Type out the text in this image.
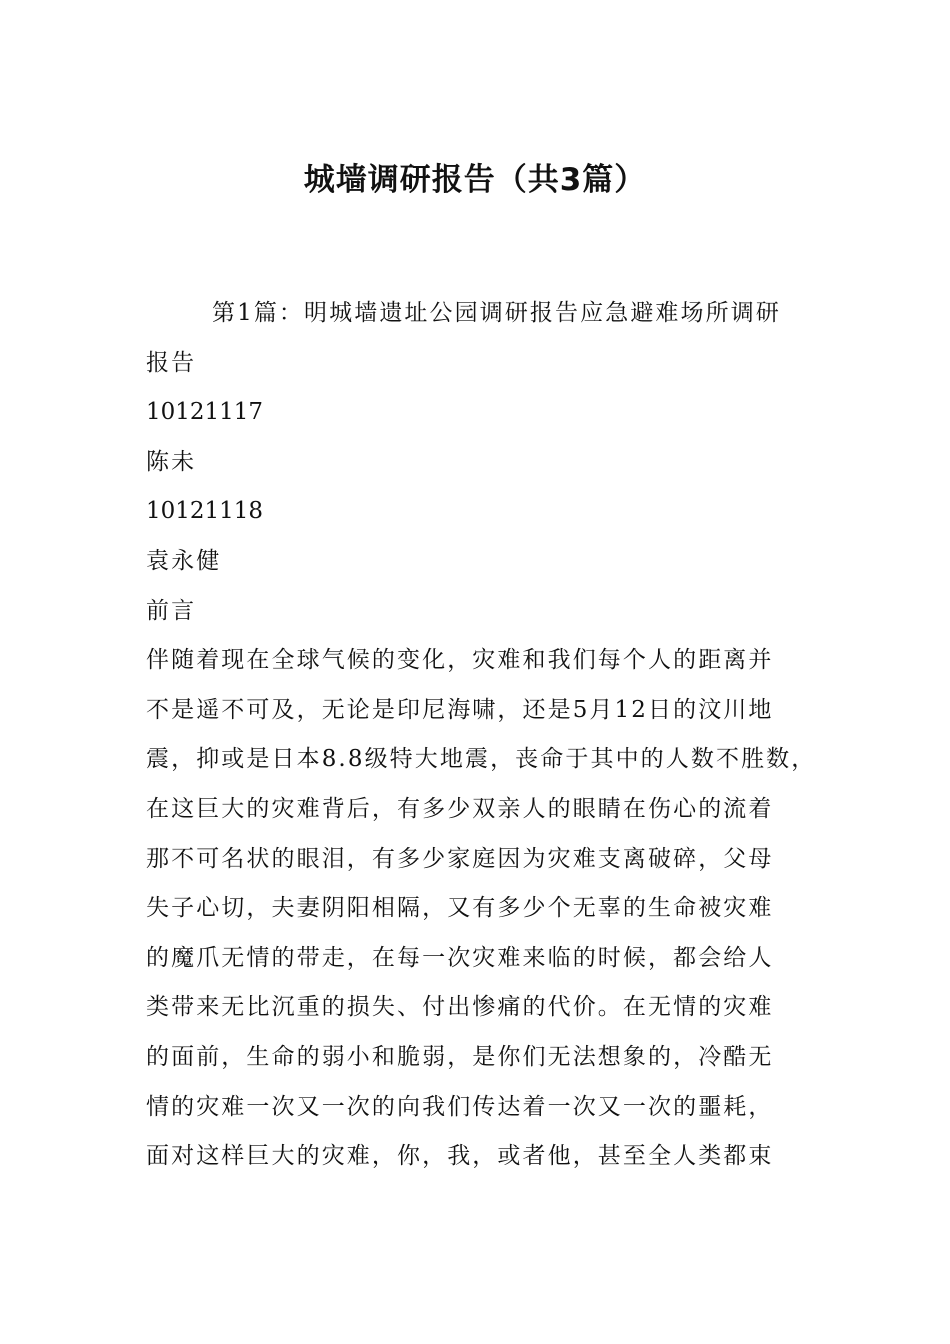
城墙调研报告（共3篇）
第1篇：明城墙遗址公园调研报告应急避难场所调研
报告
10121117
陈未
10121118
袁永健
前言
伴随着现在全球气候的变化，灾难和我们每个人的距离并
不是遥不可及，无论是印尼海啸，还是5月12日的汶川地
震，抑或是日本8.8级特大地震，丧命于其中的人数不胜数，
在这巨大的灾难背后，有多少双亲人的眼睛在伤心的流着
那不可名状的眼泪，有多少家庭因为灾难支离破碎，父母
失子心切，夫妻阴阳相隔，又有多少个无辜的生命被灾难
的魔爪无情的带走，在每一次灾难来临的时候，都会给人
类带来无比沉重的损失、付出惨痛的代价。在无情的灾难
的面前，生命的弱小和脆弱，是你们无法想象的，冷酷无
情的灾难一次又一次的向我们传达着一次又一次的噩耗，
面对这样巨大的灾难，你，我，或者他，甚至全人类都束
